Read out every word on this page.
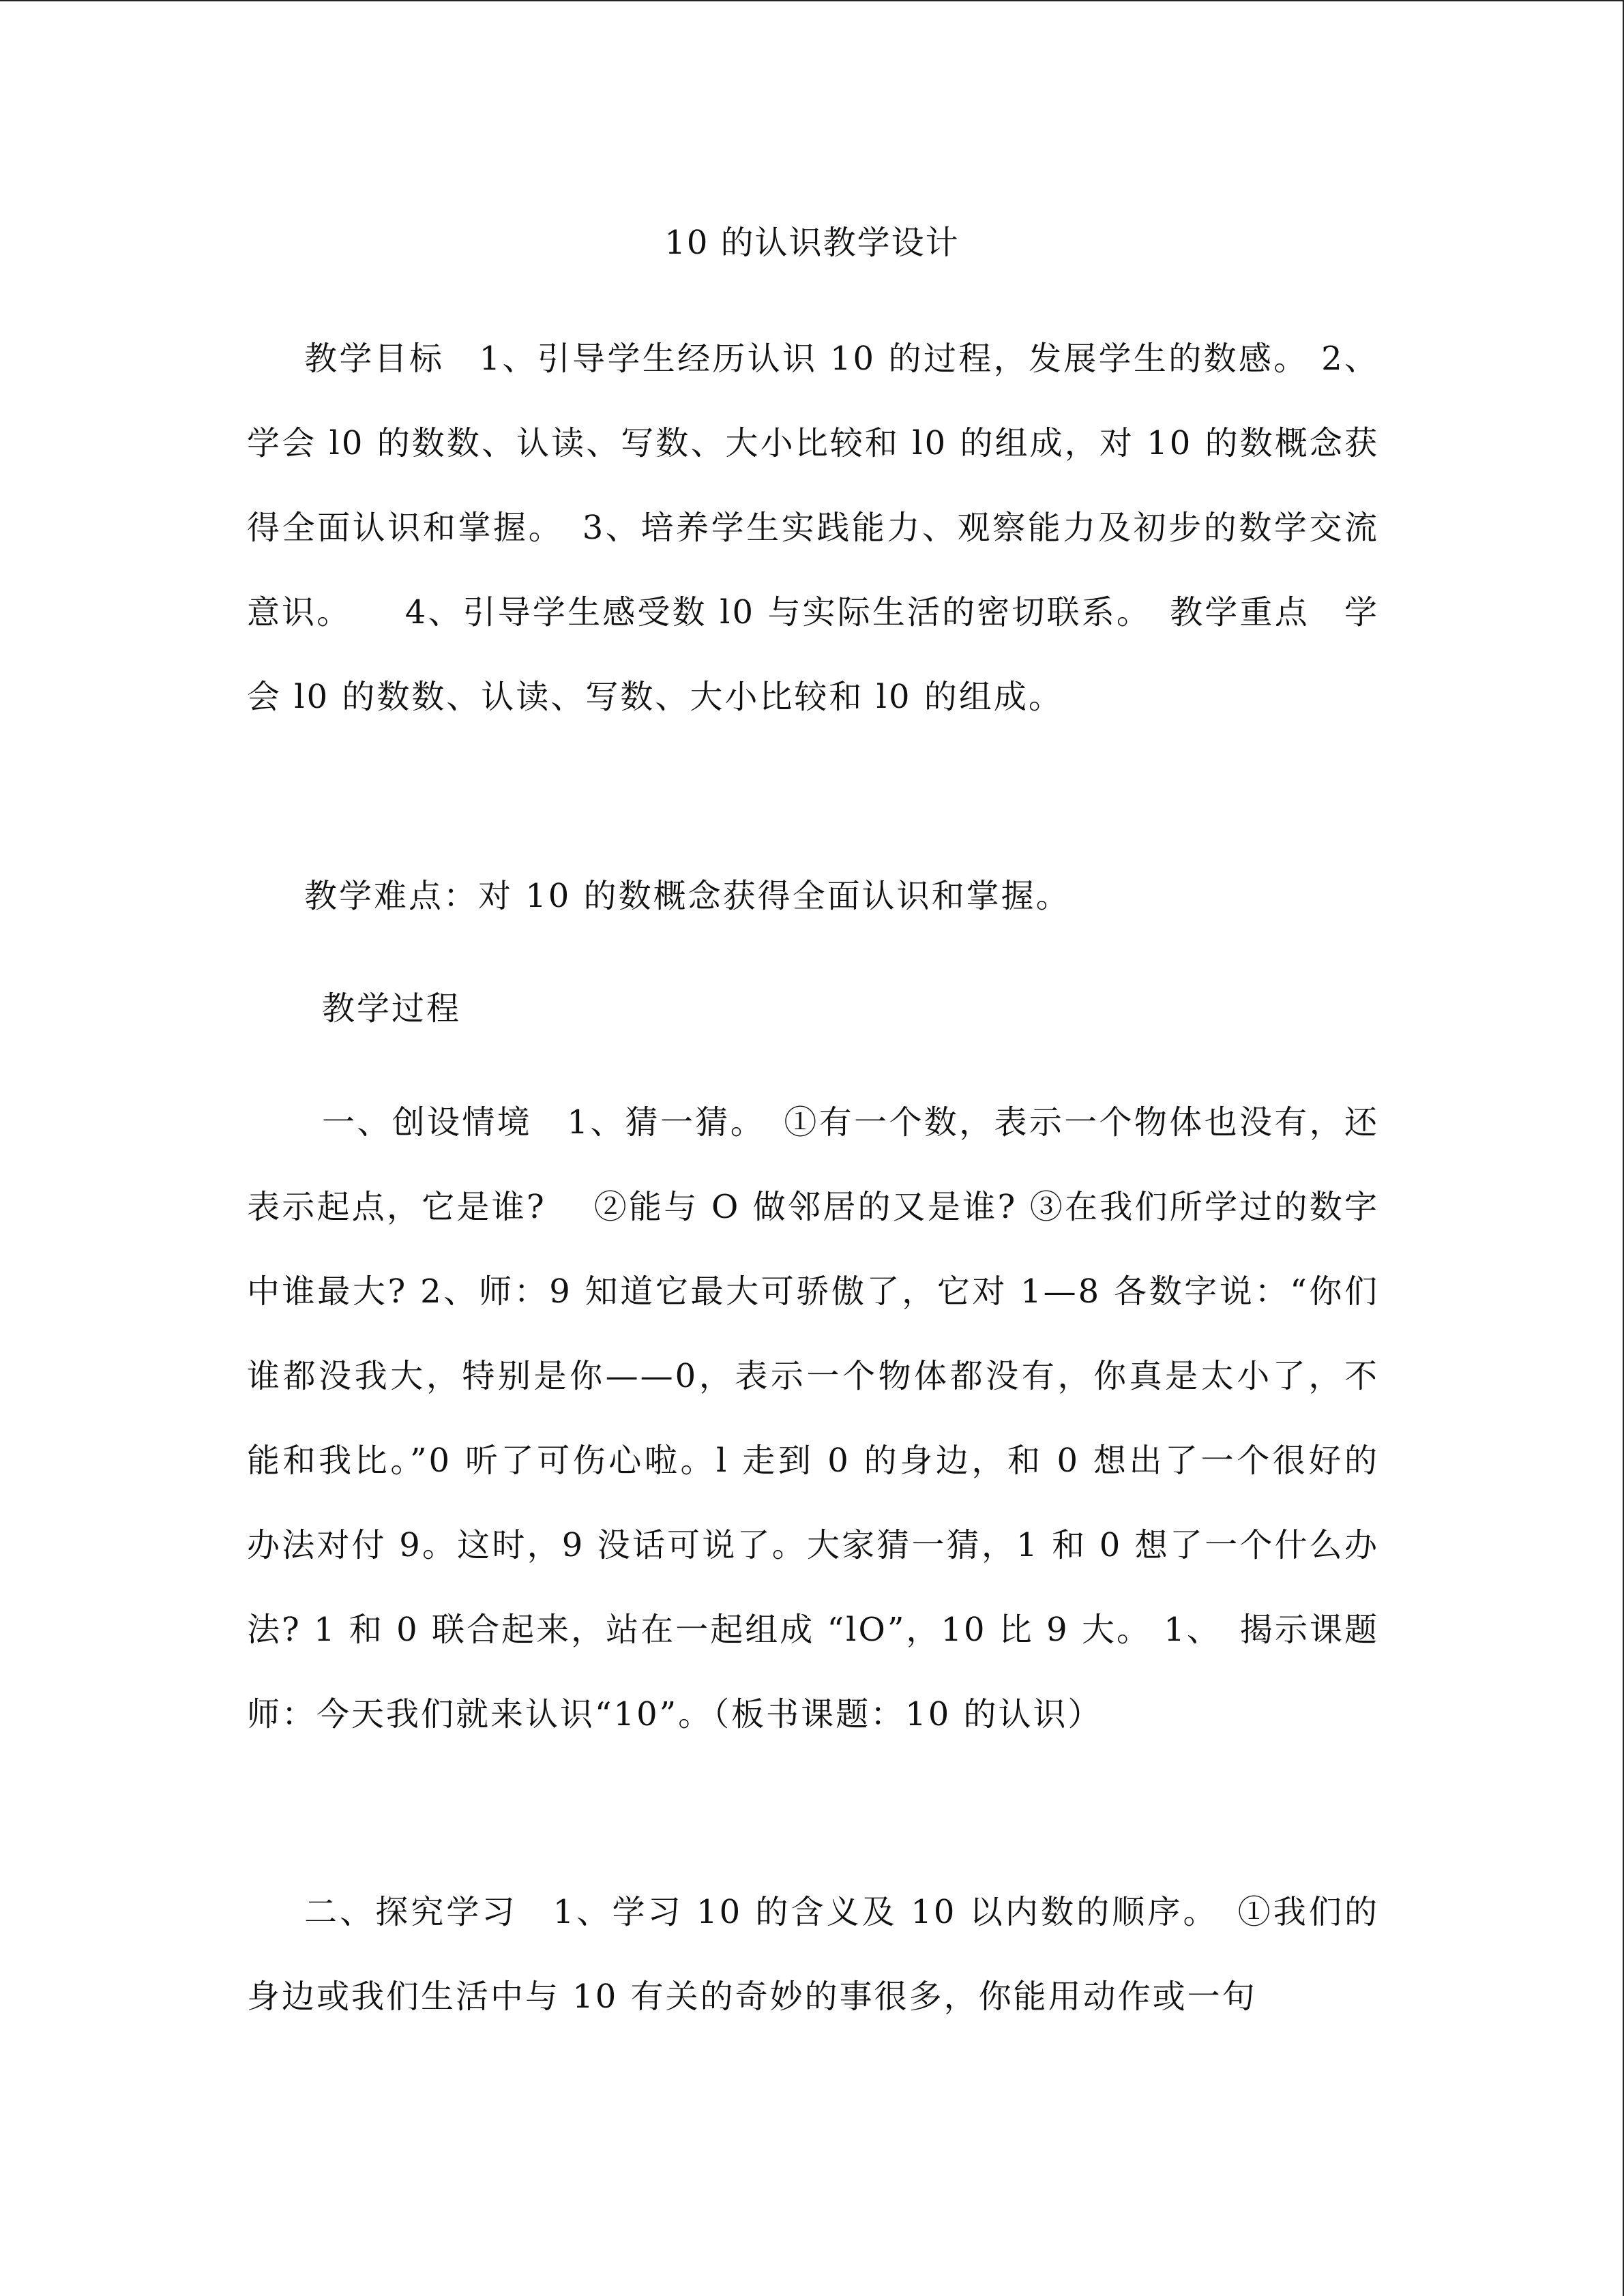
10 的认识教学设计
教学目标　1、引导学生经历认识 10 的过程，发展学生的数感。 2、学会 l0 的数数、认读、写数、大小比较和 l0 的组成，对 10 的数概念获得全面认识和掌握。　3、培养学生实践能力、观察能力及初步的数学交流意识。　　4、引导学生感受数 l0 与实际生活的密切联系。　教学重点　学会 l0 的数数、认读、写数、大小比较和 l0 的组成。
教学难点：对 10 的数概念获得全面认识和掌握。
教学过程
一、创设情境　1、猜一猜。　①有一个数，表示一个物体也没有，还表示起点，它是谁?　 ②能与 O 做邻居的又是谁? ③在我们所学过的数字中谁最大? 2、师：9 知道它最大可骄傲了，它对 1—8 各数字说：“你们谁都没我大，特别是你——0，表示一个物体都没有，你真是太小了，不能和我比。”0 听了可伤心啦。l 走到 0 的身边，和 0 想出了一个很好的办法对付 9。这时，9 没话可说了。大家猜一猜，1 和 0 想了一个什么办法? 1 和 0 联合起来，站在一起组成 “lO”，10 比 9 大。 1、　揭示课题　师：今天我们就来认识“10”。（板书课题：10 的认识）
二、探究学习　1、学习 10 的含义及 10 以内数的顺序。　①我们的身边或我们生活中与 10 有关的奇妙的事很多，你能用动作或一句
